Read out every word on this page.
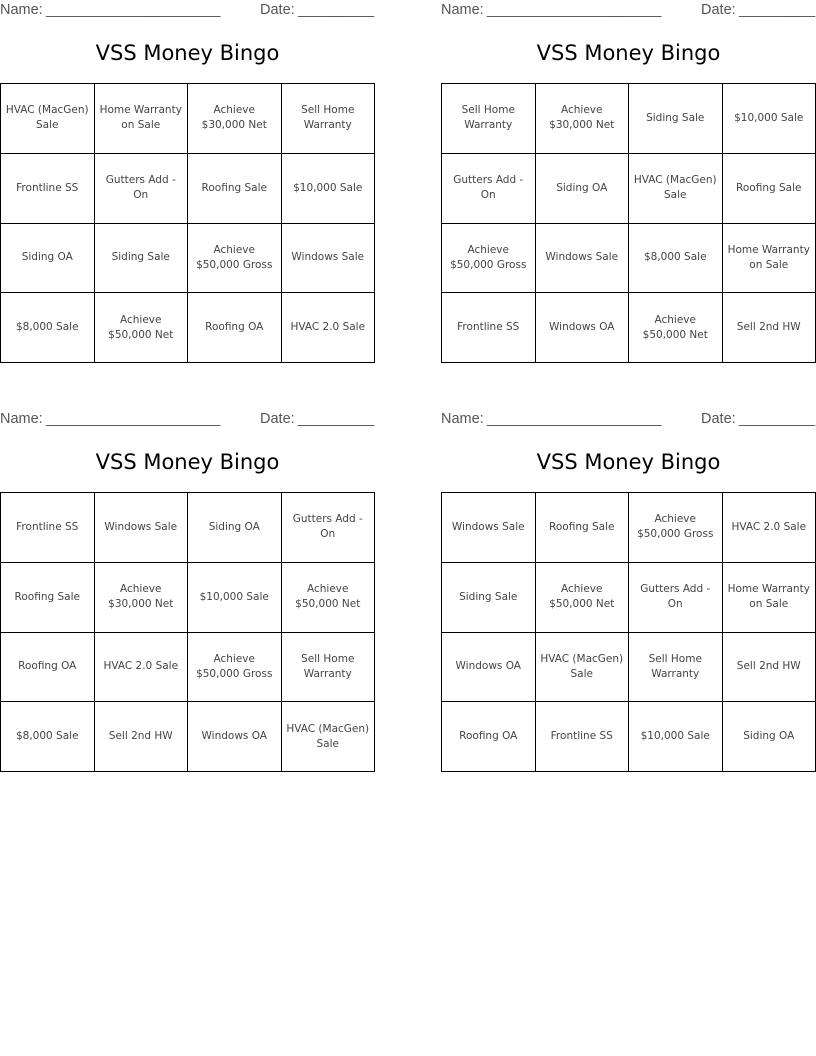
Name: _______________________	Date: __________
VSS Money Bingo
HVAC (MacGen) Sale	Home Warranty on Sale	Achieve $30,000 Net	Sell Home Warranty
Frontline SS	Gutters Add -On	Roofing Sale	$10,000 Sale
Siding OA	Siding Sale	Achieve $50,000 Gross	Windows Sale
$8,000 Sale	Achieve $50,000 Net	Roofing OA	HVAC 2.0 Sale
Name: _______________________	Date: __________
VSS Money Bingo
Sell Home Warranty	Achieve $30,000 Net	Siding Sale	$10,000 Sale
Gutters Add -On	Siding OA	HVAC (MacGen) Sale	Roofing Sale
Achieve $50,000 Gross	Windows Sale	$8,000 Sale	Home Warranty on Sale
Frontline SS	Windows OA	Achieve $50,000 Net	Sell 2nd HW
Name: _______________________	Date: __________
VSS Money Bingo
Frontline SS	Windows Sale	Siding OA	Gutters Add -On
Roofing Sale	Achieve $30,000 Net	$10,000 Sale	Achieve $50,000 Net
Roofing OA	HVAC 2.0 Sale	Achieve $50,000 Gross	Sell Home Warranty
$8,000 Sale	Sell 2nd HW	Windows OA	HVAC (MacGen) Sale
Name: _______________________	Date: __________
VSS Money Bingo
Windows Sale	Roofing Sale	Achieve $50,000 Gross	HVAC 2.0 Sale
Siding Sale	Achieve $50,000 Net	Gutters Add -On	Home Warranty on Sale
Windows OA	HVAC (MacGen) Sale	Sell Home Warranty	Sell 2nd HW
Roofing OA	Frontline SS	$10,000 Sale	Siding OA
